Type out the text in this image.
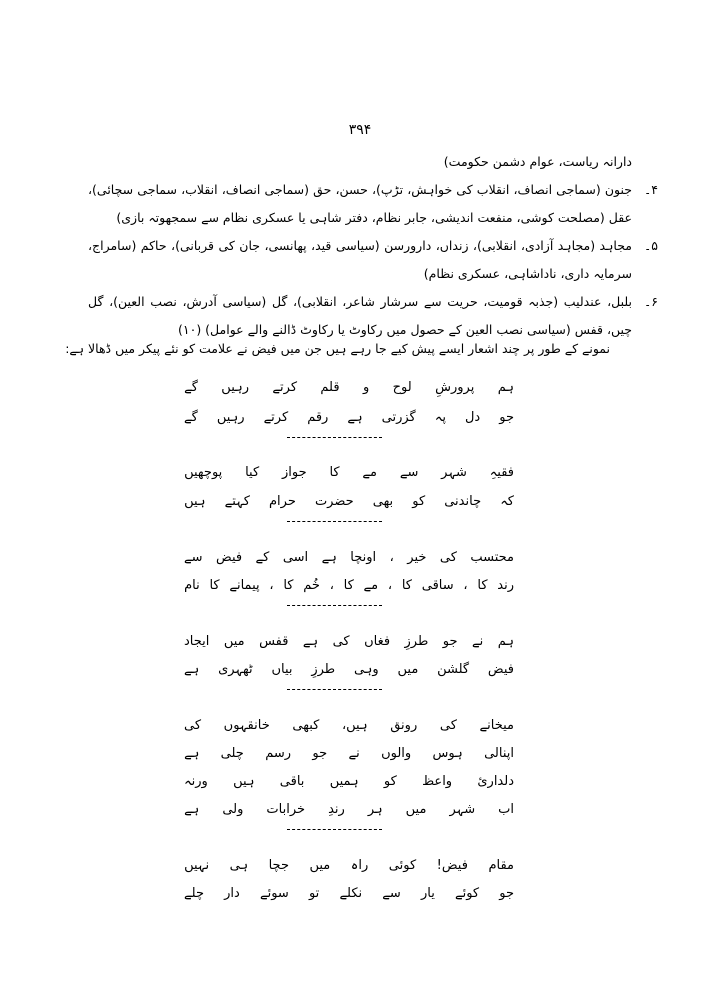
۳۹۴
دارانہ ریاست، عوام دشمن حکومت)
۴۔
جنون (سماجی انصاف، انقلاب کی خواہش، تڑپ)، حسن، حق (سماجی انصاف، انقلاب، سماجی سچائی)، عقل (مصلحت کوشی، منفعت اندیشی، جابر نظام، دفتر شاہی یا عسکری نظام سے سمجھوتہ بازی)
۵۔
مجاہد (مجاہد آزادی، انقلابی)، زنداں، دارورسن (سیاسی قید، پھانسی، جان کی قربانی)، حاکم (سامراج، سرمایہ داری، ناداشاہی، عسکری نظام)
۶۔
بلبل، عندلیب (جذبہ قومیت، حریت سے سرشار شاعر، انقلابی)، گل (سیاسی آدرش، نصب العین)، گل چیں، قفس (سیاسی نصب العین کے حصول میں رکاوٹ یا رکاوٹ ڈالنے والے عوامل) (۱۰)
نمونے کے طور پر چند اشعار ایسے پیش کیے جا رہے ہیں جن میں فیض نے علامت کو نئے پیکر میں ڈھالا ہے:
ہم
پرورشِ
لوح
و
قلم
کرتے
رہیں
گے
جو
دل
پہ
گزرتی
ہے
رقم
کرتے
رہیں
گے
فقیہِ
شہر
سے
مے
کا
جواز
کیا
پوچھیں
کہ
چاندنی
کو
بھی
حضرت
حرام
کہتے
ہیں
محتسب
کی
خیر
،
اونچا
ہے
اسی
کے
فیض
سے
رند
کا
،
ساقی
کا
،
مے
کا
،
خُم
کا
،
پیمانے
کا
نام
ہم
نے
جو
طرزِ
فغاں
کی
ہے
قفس
میں
ایجاد
فیض
گلشن
میں
وہی
طرزِ
بیاں
ٹھہری
ہے
میخانے
کی
رونق
ہیں،
کبھی
خانقہوں
کی
اپنالی
ہوس
والوں
نے
جو
رسم
چلی
ہے
دلداریٔ
واعظ
کو
ہمیں
باقی
ہیں
ورنہ
اب
شہر
میں
ہر
رندِ
خرابات
ولی
ہے
مقام
فیض!
کوئی
راہ
میں
جچا
ہی
نہیں
جو
کوئے
یار
سے
نکلے
تو
سوئے
دار
چلے
